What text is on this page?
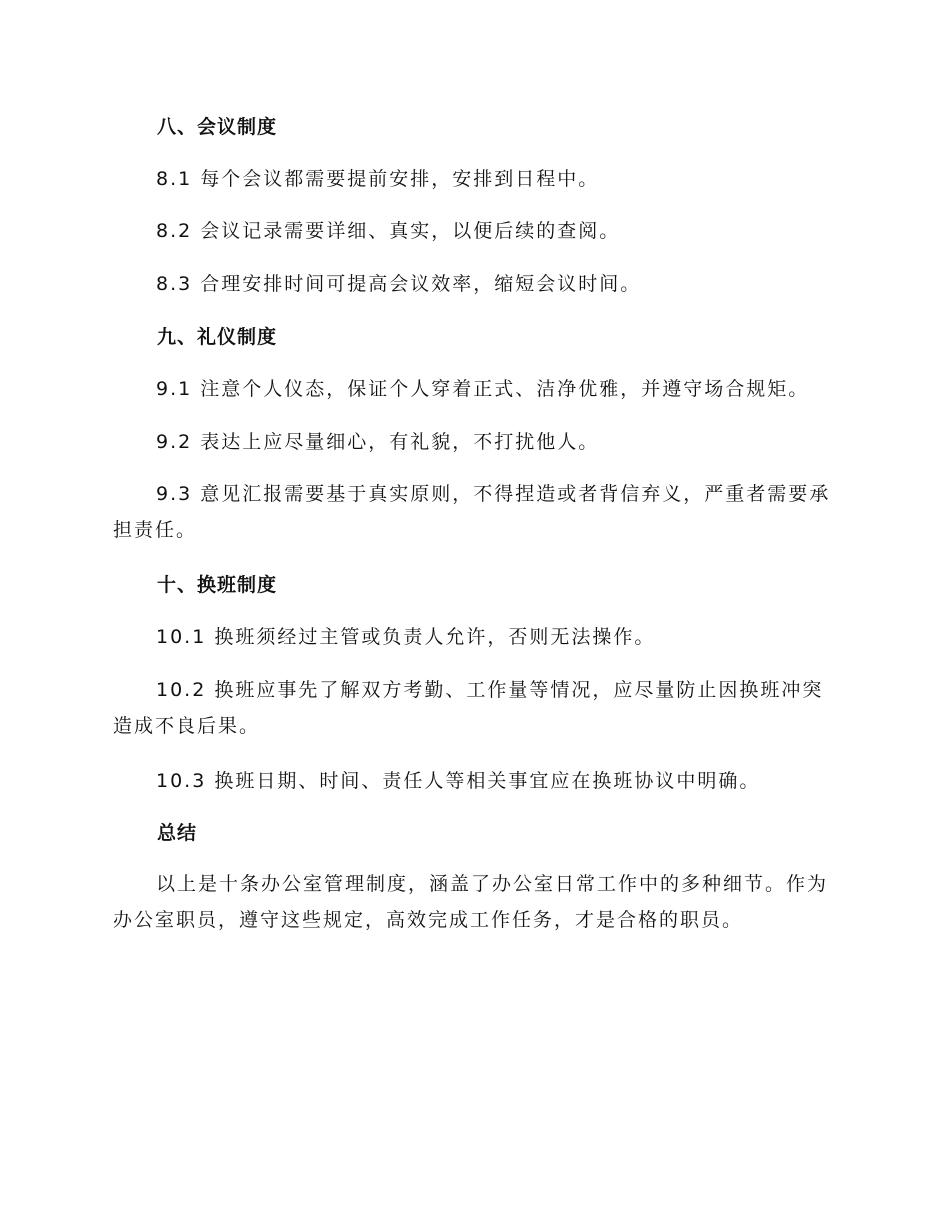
八、会议制度
8.1 每个会议都需要提前安排，安排到日程中。
8.2 会议记录需要详细、真实，以便后续的查阅。
8.3 合理安排时间可提高会议效率，缩短会议时间。
九、礼仪制度
9.1 注意个人仪态，保证个人穿着正式、洁净优雅，并遵守场合规矩。
9.2 表达上应尽量细心，有礼貌，不打扰他人。
9.3 意见汇报需要基于真实原则，不得捏造或者背信弃义，严重者需要承担责任。
十、换班制度
10.1 换班须经过主管或负责人允许，否则无法操作。
10.2 换班应事先了解双方考勤、工作量等情况，应尽量防止因换班冲突造成不良后果。
10.3 换班日期、时间、责任人等相关事宜应在换班协议中明确。
总结
以上是十条办公室管理制度，涵盖了办公室日常工作中的多种细节。作为办公室职员，遵守这些规定，高效完成工作任务，才是合格的职员。
